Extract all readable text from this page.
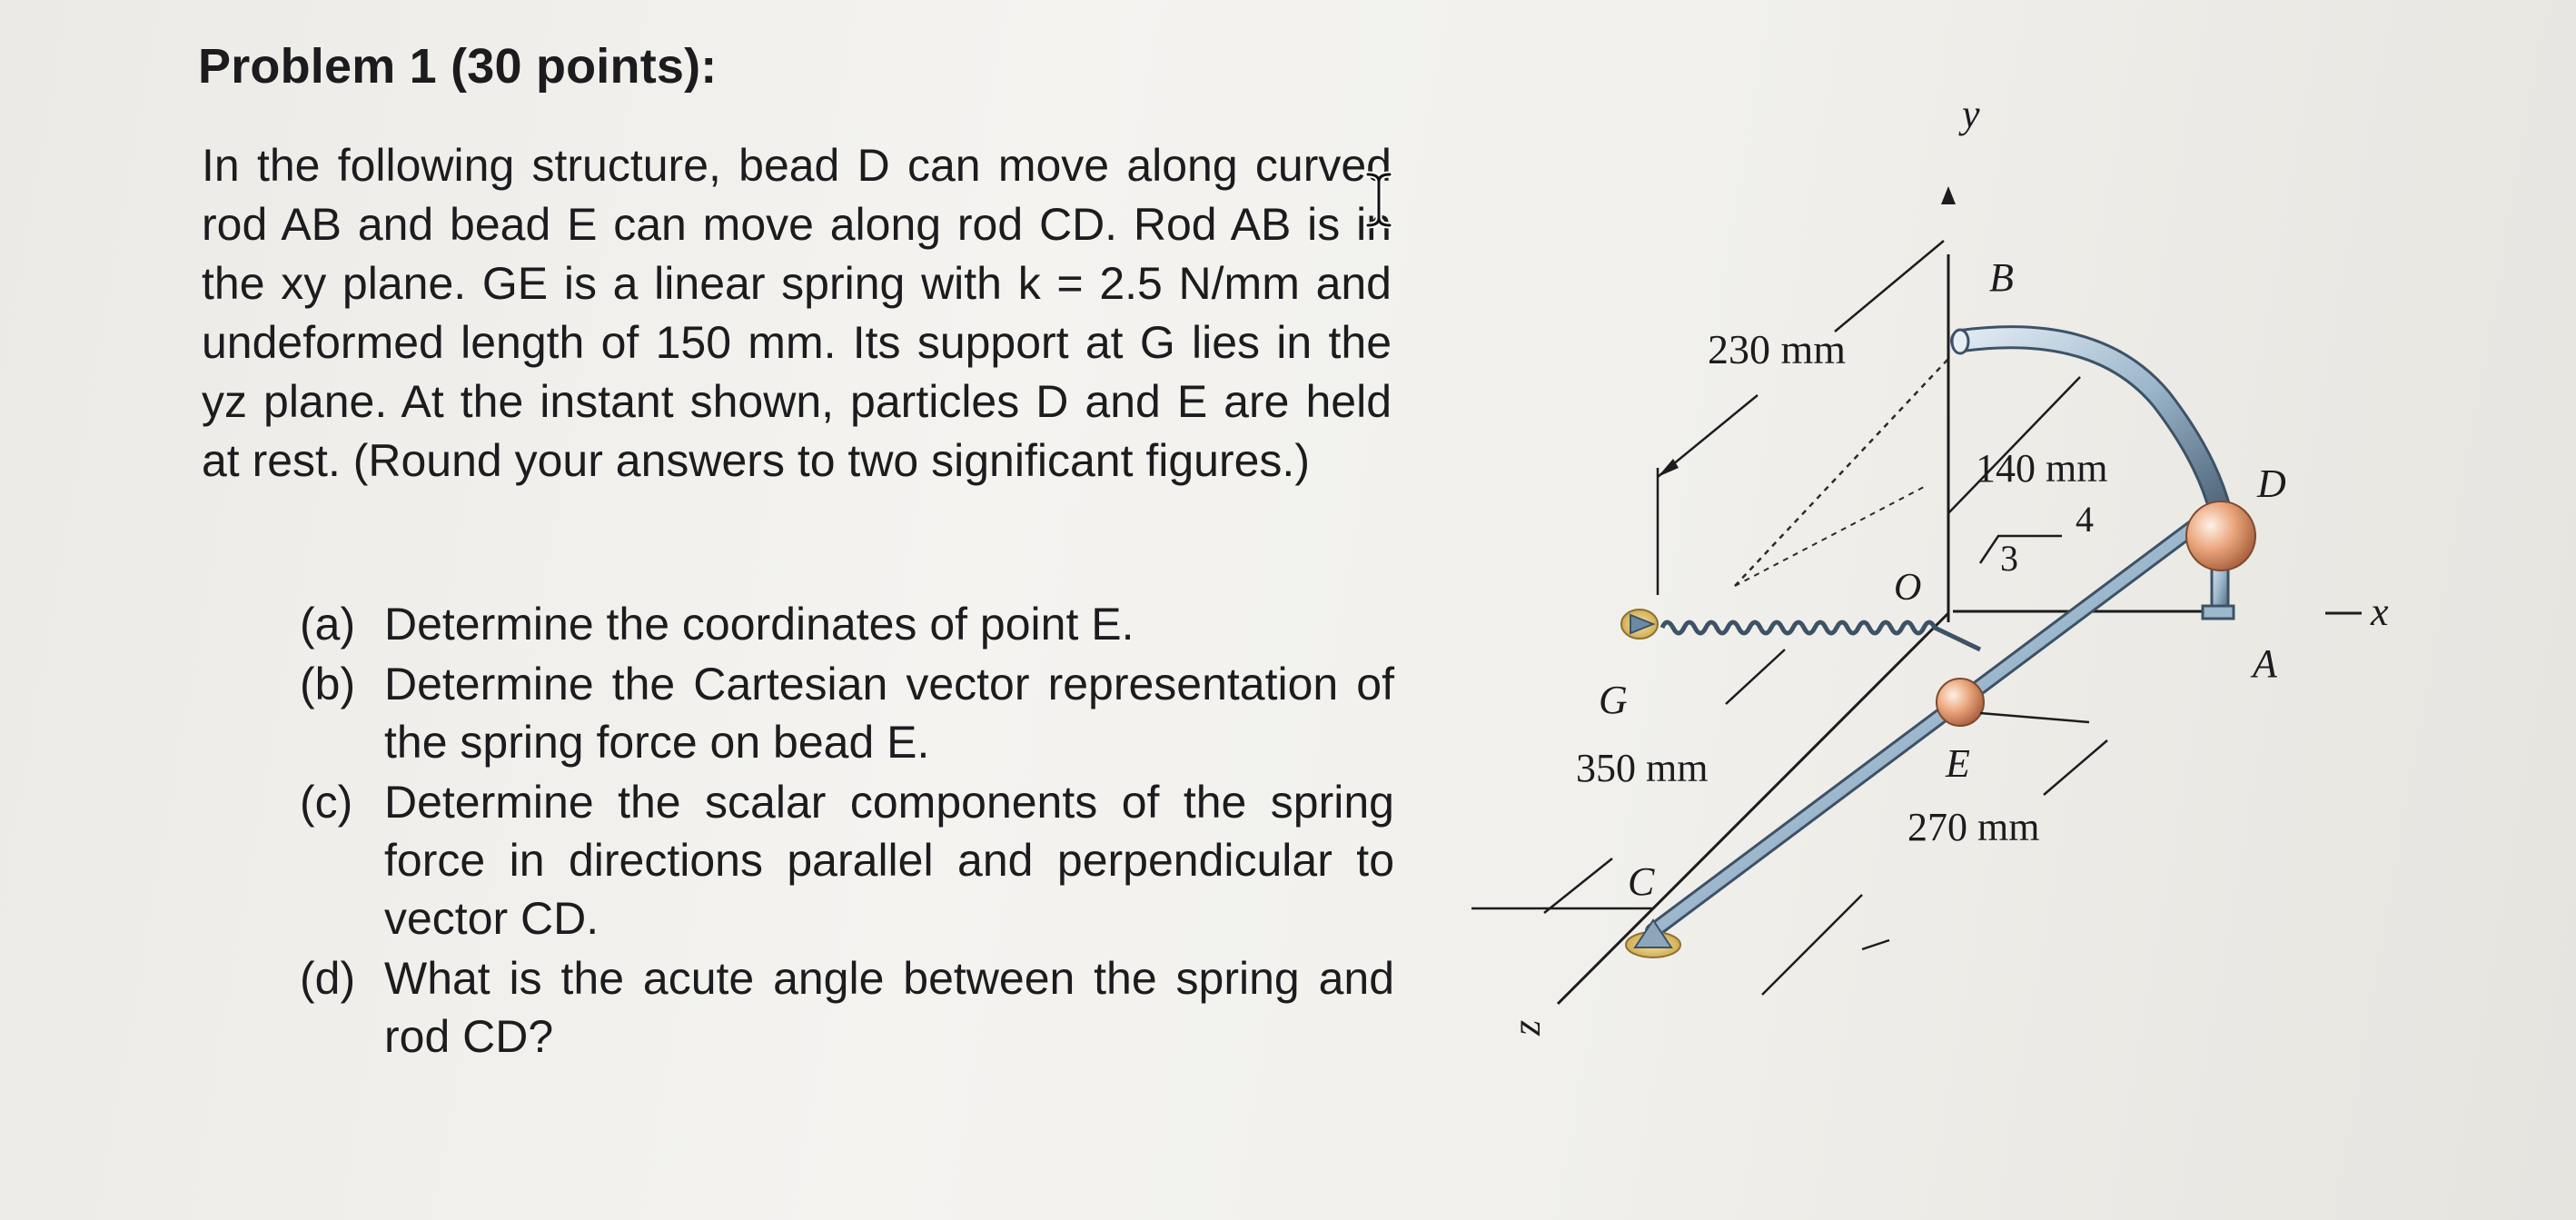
Problem 1 (30 points):

In the following structure, bead D can move along curved rod AB and bead E can move along rod CD. Rod AB is in the xy plane. GE is a linear spring with k = 2.5 N/mm and undeformed length of 150 mm. Its support at G lies in the yz plane. At the instant shown, particles D and E are held at rest. (Round your answers to two significant figures.)

(a) Determine the coordinates of point E.
(b) Determine the Cartesian vector representation of the spring force on bead E.
(c) Determine the scalar components of the spring force in directions parallel and perpendicular to vector CD.
(d) What is the acute angle between the spring and rod CD?
y
x
z
230 mm
B
A
D
O
140 mm
3
4
G
E
350 mm
270 mm
C
